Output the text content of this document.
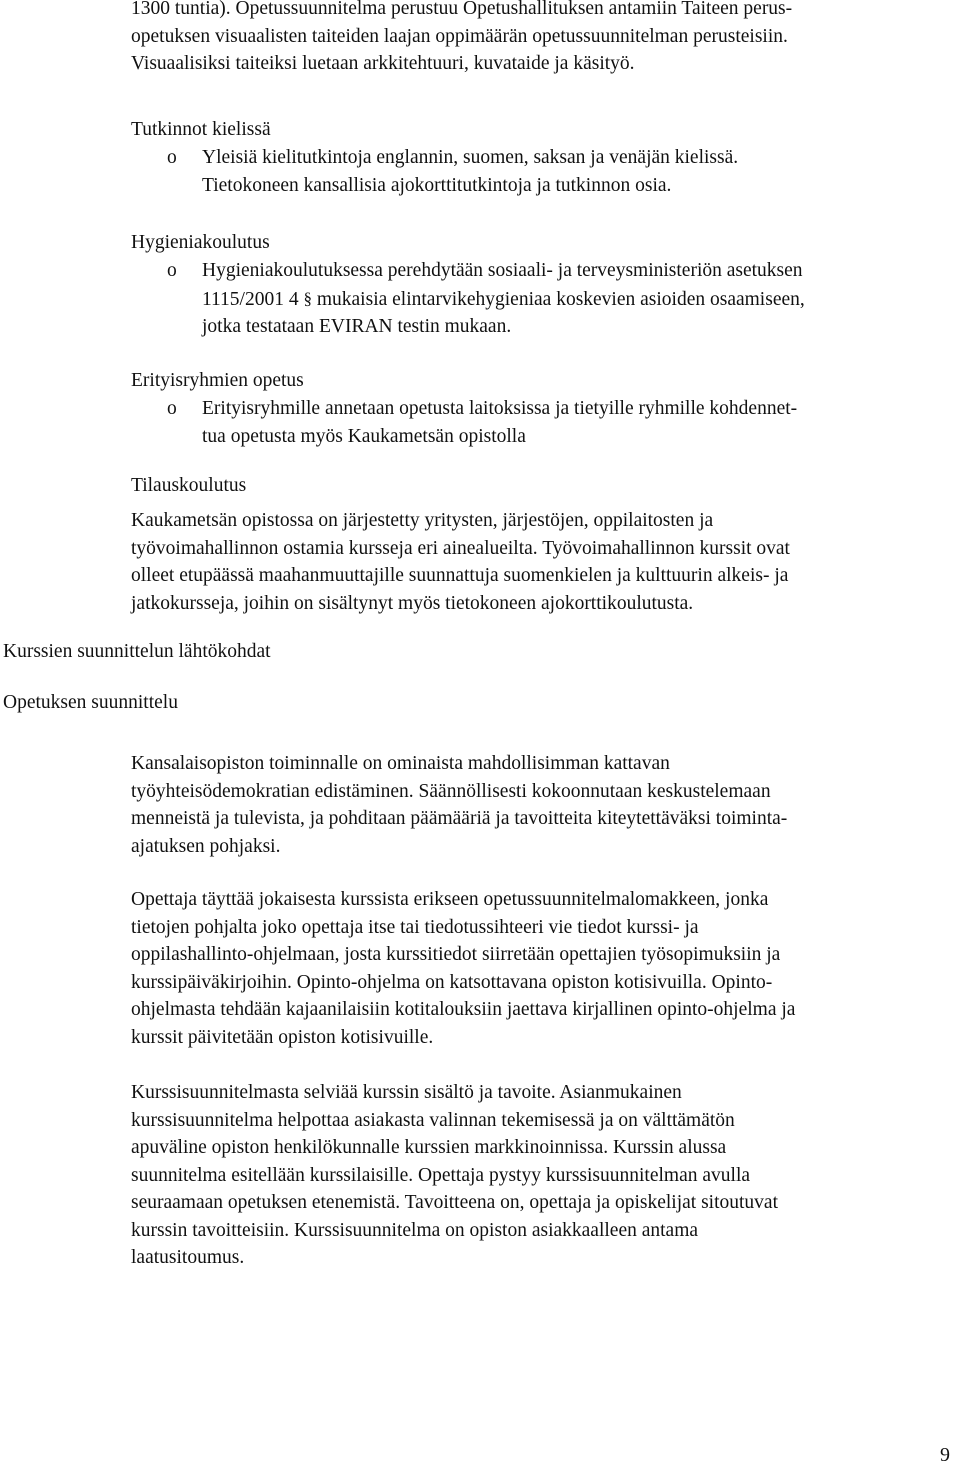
1300 tuntia). Opetussuunnitelma perustuu Opetushallituksen antamiin Taiteen perus-
opetuksen visuaalisten taiteiden laajan oppimäärän opetussuunnitelman perusteisiin.
Visuaalisiksi taiteiksi luetaan arkkitehtuuri, kuvataide ja käsityö.
Tutkinnot kielissä
o Yleisiä kielitutkintoja englannin, suomen, saksan ja venäjän kielissä.
Tietokoneen kansallisia ajokorttitutkintoja ja tutkinnon osia.
Hygieniakoulutus
o Hygieniakoulutuksessa perehdytään sosiaali- ja terveysministeriön asetuksen
1115/2001 4 § mukaisia elintarvikehygieniaa koskevien asioiden osaamiseen,
jotka testataan EVIRAN testin mukaan.
Erityisryhmien opetus
o Erityisryhmille annetaan opetusta laitoksissa ja tietyille ryhmille kohdennet-
tua opetusta myös Kaukametsän opistolla
Tilauskoulutus
Kaukametsän opistossa on järjestetty yritysten, järjestöjen, oppilaitosten ja
työvoimahallinnon ostamia kursseja eri ainealueilta. Työvoimahallinnon kurssit ovat
olleet etupäässä maahanmuuttajille suunnattuja suomenkielen ja kulttuurin alkeis- ja
jatkokursseja, joihin on sisältynyt myös tietokoneen ajokorttikoulutusta.
Kurssien suunnittelun lähtökohdat
Opetuksen suunnittelu
Kansalaisopiston toiminnalle on ominaista mahdollisimman kattavan
työyhteisödemokratian edistäminen. Säännöllisesti kokoonnutaan keskustelemaan
menneistä ja tulevista, ja pohditaan päämääriä ja tavoitteita kiteytettäväksi toiminta-
ajatuksen pohjaksi.
Opettaja täyttää jokaisesta kurssista erikseen opetussuunnitelmalomakkeen, jonka
tietojen pohjalta joko opettaja itse tai tiedotussihteeri vie tiedot kurssi- ja
oppilashallinto-ohjelmaan, josta kurssitiedot siirretään opettajien työsopimuksiin ja
kurssipäiväkirjoihin. Opinto-ohjelma on katsottavana opiston kotisivuilla. Opinto-
ohjelmasta tehdään kajaanilaisiin kotitalouksiin jaettava kirjallinen opinto-ohjelma ja
kurssit päivitetään opiston kotisivuille.
Kurssisuunnitelmasta selviää kurssin sisältö ja tavoite. Asianmukainen
kurssisuunnitelma helpottaa asiakasta valinnan tekemisessä ja on välttämätön
apuväline opiston henkilökunnalle kurssien markkinoinnissa. Kurssin alussa
suunnitelma esitellään kurssilaisille. Opettaja pystyy kurssisuunnitelman avulla
seuraamaan opetuksen etenemistä. Tavoitteena on, opettaja ja opiskelijat sitoutuvat
kurssin tavoitteisiin. Kurssisuunnitelma on opiston asiakkaalleen antama
laatusitoumus.
9
